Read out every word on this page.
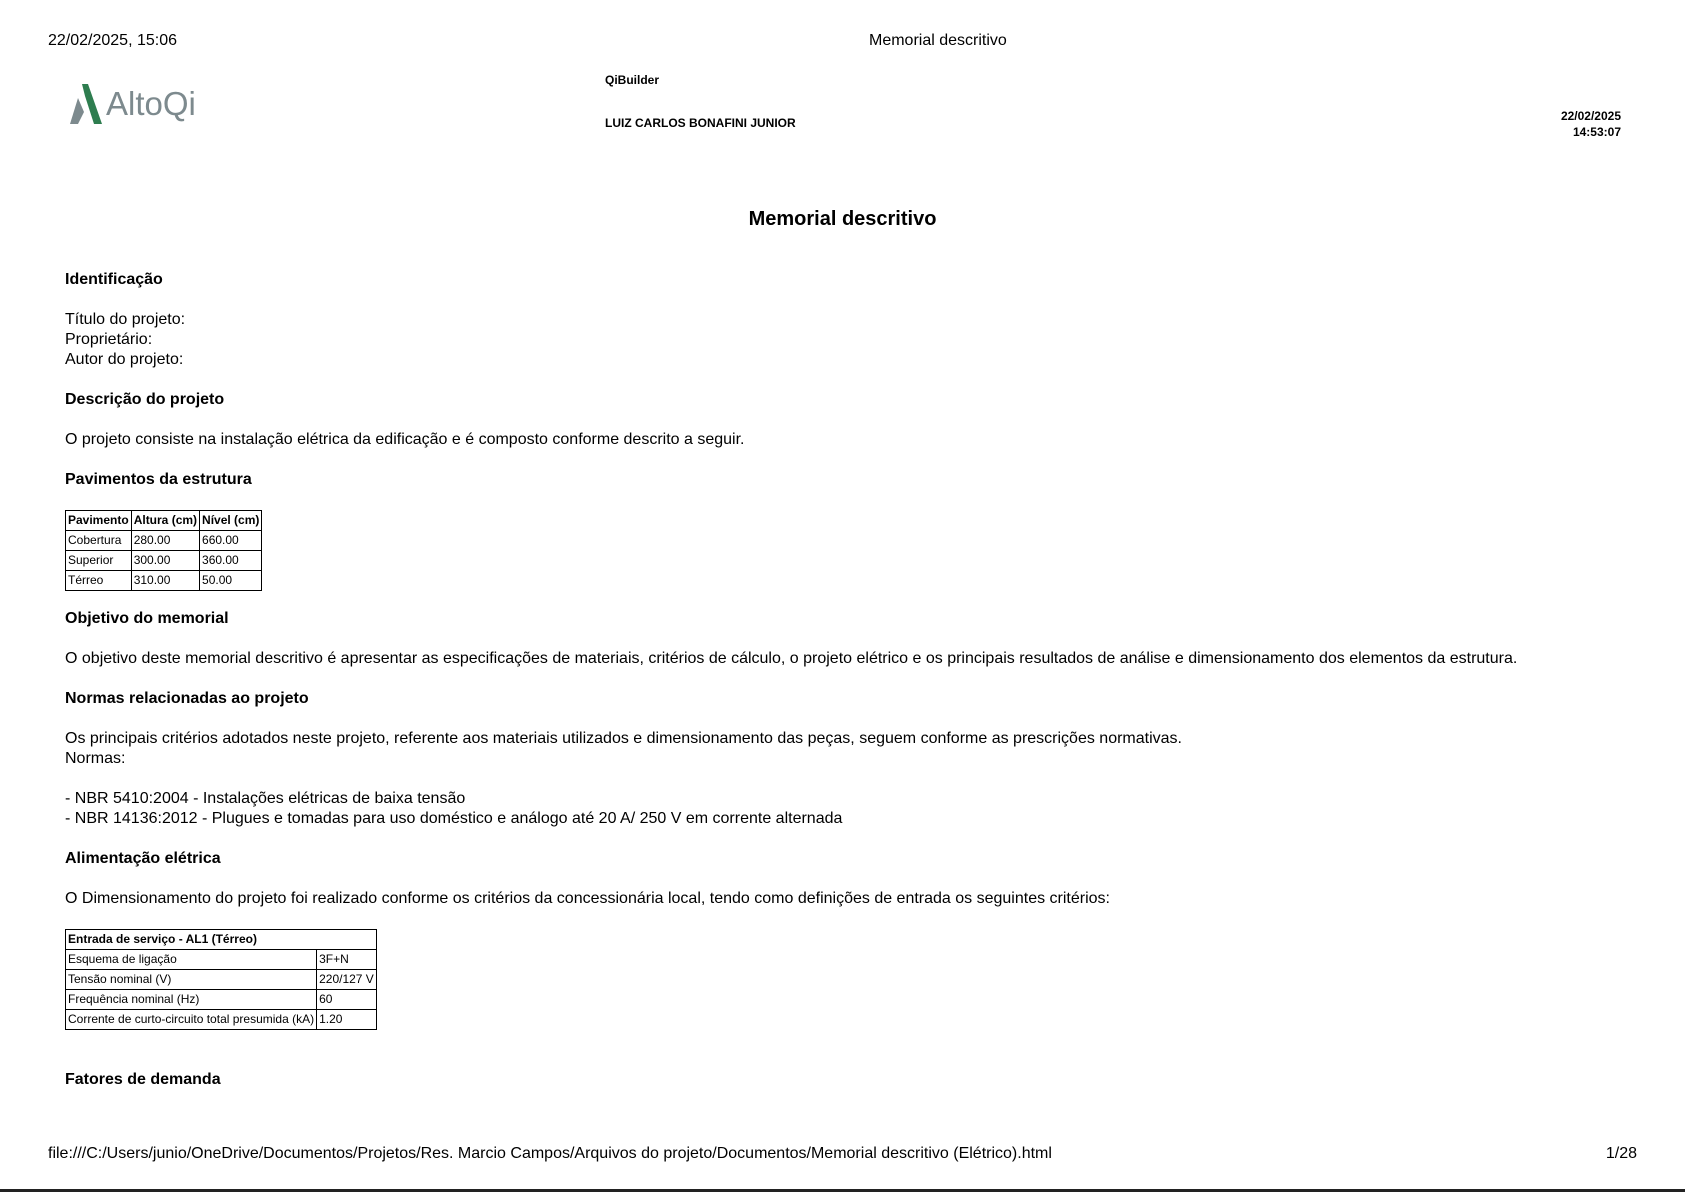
22/02/2025, 15:06	Memorial descritivo
AltoQi
QiBuilder
LUIZ CARLOS BONAFINI JUNIOR	22/02/2025
14:53:07
Memorial descritivo

Identificação

Título do projeto:

Proprietário:

Autor do projeto:

Descrição do projeto

O projeto consiste na instalação elétrica da edificação e é composto conforme descrito a seguir.

Pavimentos da estrutura

Pavimento	Altura (cm)	Nível (cm)
Cobertura	280.00	660.00
Superior	300.00	360.00
Térreo	310.00	50.00

Objetivo do memorial

O objetivo deste memorial descritivo é apresentar as especificações de materiais, critérios de cálculo, o projeto elétrico e os principais resultados de análise e dimensionamento dos elementos da estrutura.

Normas relacionadas ao projeto

Os principais critérios adotados neste projeto, referente aos materiais utilizados e dimensionamento das peças, seguem conforme as prescrições normativas.

Normas:

- NBR 5410:2004 - Instalações elétricas de baixa tensão

- NBR 14136:2012 - Plugues e tomadas para uso doméstico e análogo até 20 A/ 250 V em corrente alternada

Alimentação elétrica

O Dimensionamento do projeto foi realizado conforme os critérios da concessionária local, tendo como definições de entrada os seguintes critérios:

Entrada de serviço - AL1 (Térreo)	
Esquema de ligação	3F+N
Tensão nominal (V)	220/127 V
Frequência nominal (Hz)	60
Corrente de curto-circuito total presumida (kA)	1.20

Fatores de demanda

file:///C:/Users/junio/OneDrive/Documentos/Projetos/Res. Marcio Campos/Arquivos do projeto/Documentos/Memorial descritivo (Elétrico).html	1/28
